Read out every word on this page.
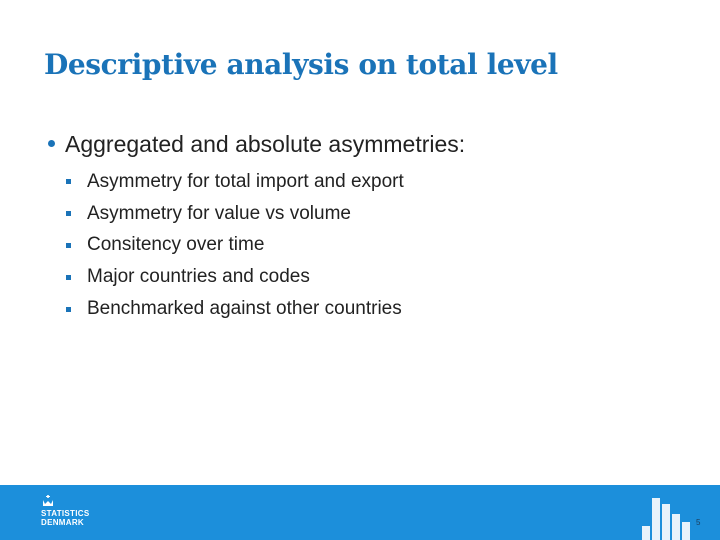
Descriptive analysis on total level
Aggregated and absolute asymmetries:
Asymmetry for total import and export
Asymmetry for value vs volume
Consitency over time
Major countries and codes
Benchmarked against other countries
STATISTICS
DENMARK	5
